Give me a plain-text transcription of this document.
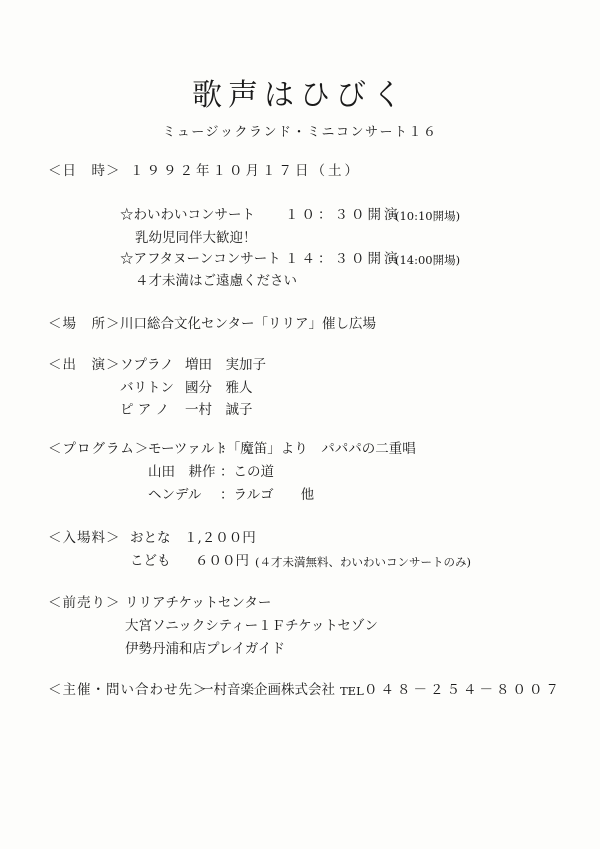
歌声はひびく
ミュージックランド・ミニコンサート１６
＜日　時＞ １９９２年１０月１７日（土）
☆わいわいコンサート １０：３０開演
(10:10開場)
乳幼児同伴大歓迎！
☆アフタヌーンコンサート １４：３０開演
(14:00開場)
４才未満はご遠慮ください
＜場　所＞ 川口総合文化センター「リリア」催し広場
＜出　演＞ ソプラノ 増田　実加子
バリトン 國分　雅人
ピ ア ノ 一村　誠子
＜プログラム＞
モーツァルト
：「魔笛」より　パパパの二重唱
山田　耕作 ：この道
ヘンデル ：ラルゴ　　他
＜入場料＞ おとな　１,２００円
こども ６００円 (４才未満無料、わいわいコンサートのみ)
＜前売り＞ リリアチケットセンター
大宮ソニックシティー１Ｆチケットセゾン
伊勢丹浦和店プレイガイド
＜主催・問い合わせ先＞
一村音楽企画株式会社 TEL ０４８－２５４－８００７
